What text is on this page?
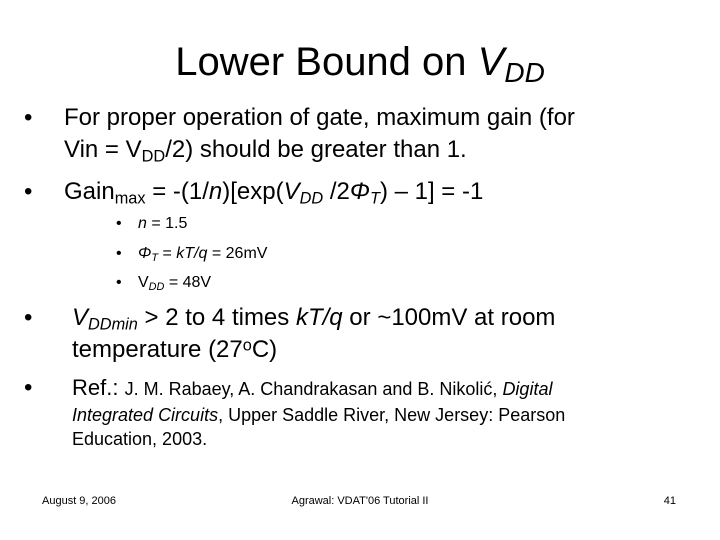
Lower Bound on $V_{DD}$
• For proper operation of gate, maximum gain (for
Vin = $V_{DD}/2$) should be greater than 1.
• Gain$_{max}$ = $-(1/n)[\exp(V_{DD}$ $/2\Phi_T) - 1] = -1$
• n = 1.5
• $\Phi_T = kT/q = 26mV$
• $V_{DD} = 48V$
• $V_{DDmin} > 2$ to 4 times kT/q or ~100mV at room
temperature (27$^o$C)
• Ref.: J. M. Rabaey, A. Chandrakasan and B. Nikolić, Digital
Integrated Circuits, Upper Saddle River, New Jersey: Pearson
Education, 2003.
August 9, 2006	Agrawal: VDAT'06 Tutorial II	41
